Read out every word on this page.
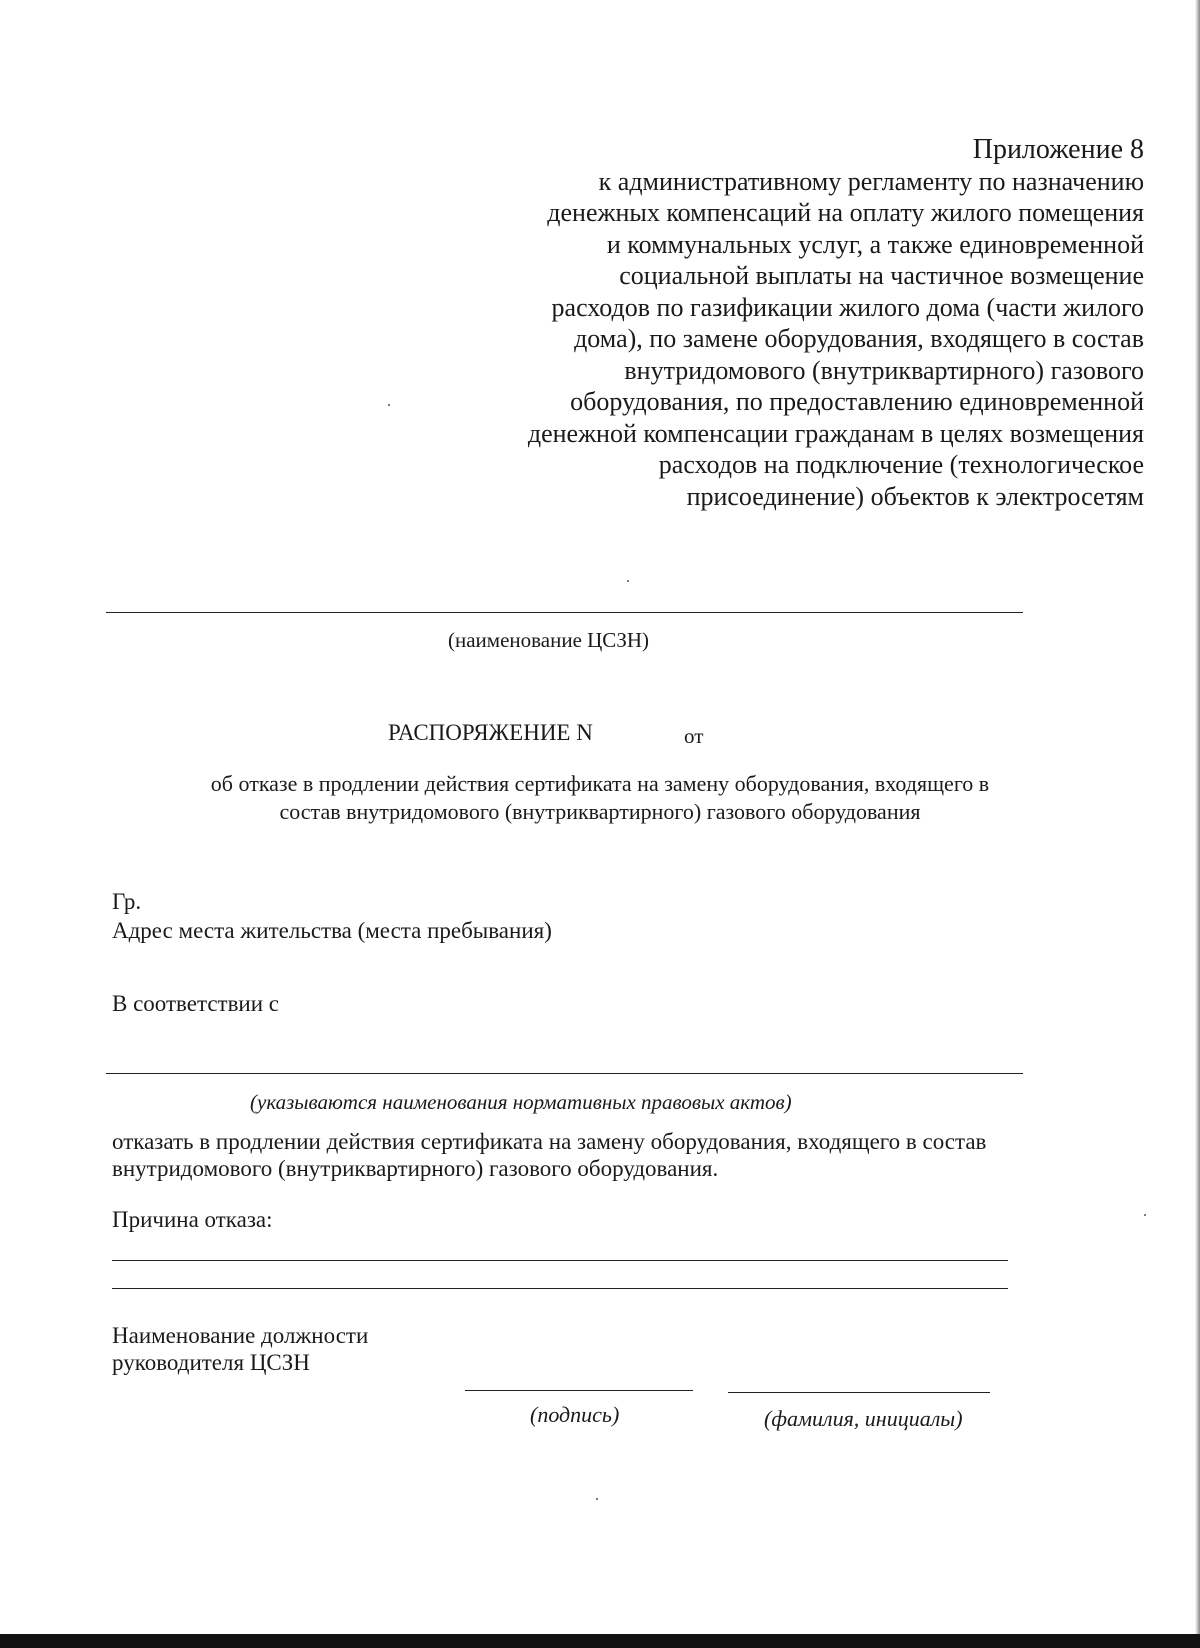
Приложение 8
к административному регламенту по назначению
денежных компенсаций на оплату жилого помещения
и коммунальных услуг, а также единовременной
социальной выплаты на частичное возмещение
расходов по газификации жилого дома (части жилого
дома), по замене оборудования, входящего в состав
внутридомового (внутриквартирного) газового
оборудования, по предоставлению единовременной
денежной компенсации гражданам в целях возмещения
расходов на подключение (технологическое
присоединение) объектов к электросетям
(наименование ЦСЗН)
РАСПОРЯЖЕНИЕ N	от
об отказе в продлении действия сертификата на замену оборудования, входящего в
состав внутридомового (внутриквартирного) газового оборудования
Гр.
Адрес места жительства (места пребывания)
В соответствии с
(указываются наименования нормативных правовых актов)
отказать в продлении действия сертификата на замену оборудования, входящего в состав
внутридомового (внутриквартирного) газового оборудования.
Причина отказа:
Наименование должности
руководителя ЦСЗН
(подпись)	(фамилия, инициалы)
